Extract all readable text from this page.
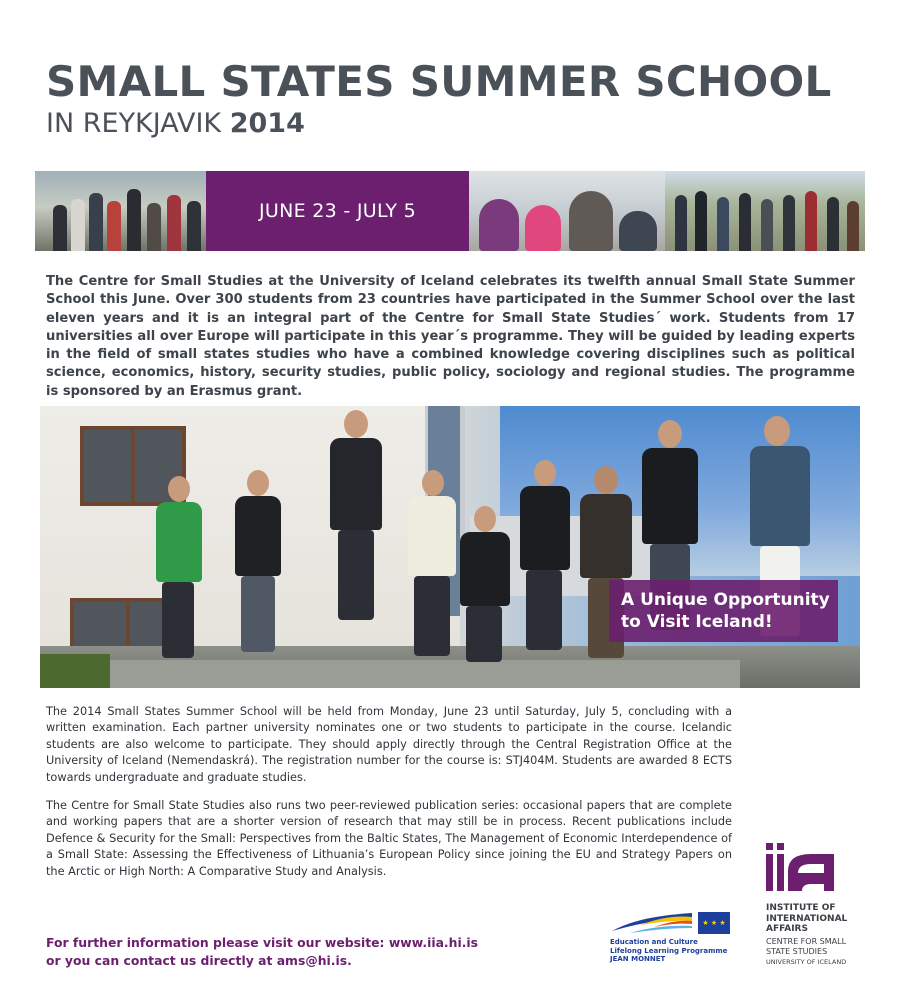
SMALL STATES SUMMER SCHOOL
IN REYKJAVIK 2014
JUNE 23 - JULY 5

The Centre for Small Studies at the University of Iceland celebrates its twelfth annual Small State Summer School this June. Over 300 students from 23 countries have participated in the Summer School over the last eleven years and it is an integral part of the Centre for Small State Studies´ work. Students from 17 universities all over Europe will participate in this year´s programme. They will be guided by leading experts in the field of small states studies who have a combined knowledge covering disciplines such as political science, economics, history, security studies, public policy, sociology and regional studies. The programme is sponsored by an Erasmus grant.

A Unique Opportunity
to Visit Iceland!

The 2014 Small States Summer School will be held from Monday, June 23 until Saturday, July 5, concluding with a written examination. Each partner university nominates one or two students to participate in the course. Icelandic students are also welcome to participate. They should apply directly through the Central Registration Office at the University of Iceland (Nemendaskrá). The registration number for the course is: STJ404M. Students are awarded 8 ECTS towards undergraduate and graduate studies.

The Centre for Small State Studies also runs two peer-reviewed publication series: occasional papers that are complete and working papers that are a shorter version of research that may still be in process. Recent publications include Defence & Security for the Small: Perspectives from the Baltic States, The Management of Economic Interdependence of a Small State: Assessing the Effectiveness of Lithuania’s European Policy since joining the EU and Strategy Papers on the Arctic or High North: A Comparative Study and Analysis.

For further information please visit our website: www.iia.hi.is
or you can contact us directly at ams@hi.is.
★ ★ ★
Education and Culture
Lifelong Learning Programme
JEAN MONNET
INSTITUTE OF
INTERNATIONAL
AFFAIRS
CENTRE FOR SMALL
STATE STUDIES
UNIVERSITY OF ICELAND
